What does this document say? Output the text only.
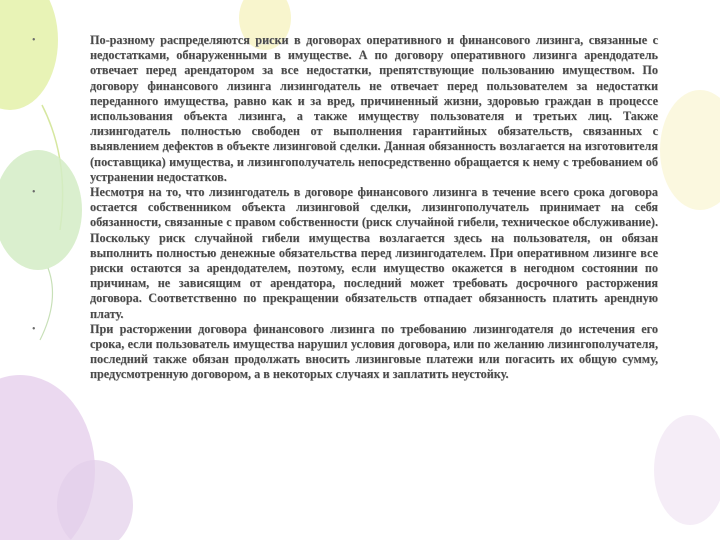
•	По-разному распределяются риски в договорах оперативного и финансового лизинга, связанные с недостатками, обнаруженными в имуществе. А по договору оперативного лизинга арендодатель отвечает перед арендатором за все недостатки, препятствующие пользованию имуществом. По договору финансового лизинга лизингодатель не отвечает перед пользователем за недостатки переданного имущества, равно как и за вред, причиненный жизни, здоровью граждан в процессе использования объекта лизинга, а также имуществу пользователя и третьих лиц. Также лизингодатель полностью свободен от выполнения гарантийных обязательств, связанных с выявлением дефектов в объекте лизинговой сделки. Данная обязанность возлагается на изготовителя (поставщика) имущества, и лизингополучатель непосредственно обращается к нему с требованием об устранении недостатков.
•	Несмотря на то, что лизингодатель в договоре финансового лизинга в течение всего срока договора остается собственником объекта лизинговой сделки, лизингополучатель принимает на себя обязанности, связанные с правом собственности (риск случайной гибели, техническое обслуживание). Поскольку риск случайной гибели имущества возлагается здесь на пользователя, он обязан выполнить полностью денежные обязательства перед лизингодателем. При оперативном лизинге все риски остаются за арендодателем, поэтому, если имущество окажется в негодном состоянии по причинам, не зависящим от арендатора, последний может требовать досрочного расторжения договора. Соответственно по прекращении обязательств отпадает обязанность платить арендную плату.
•	При расторжении договора финансового лизинга по требованию лизингодателя до истечения его срока, если пользователь имущества нарушил условия договора, или по желанию лизингополучателя, последний также обязан продолжать вносить лизинговые платежи или погасить их общую сумму, предусмотренную договором, а в некоторых случаях и заплатить неустойку.
